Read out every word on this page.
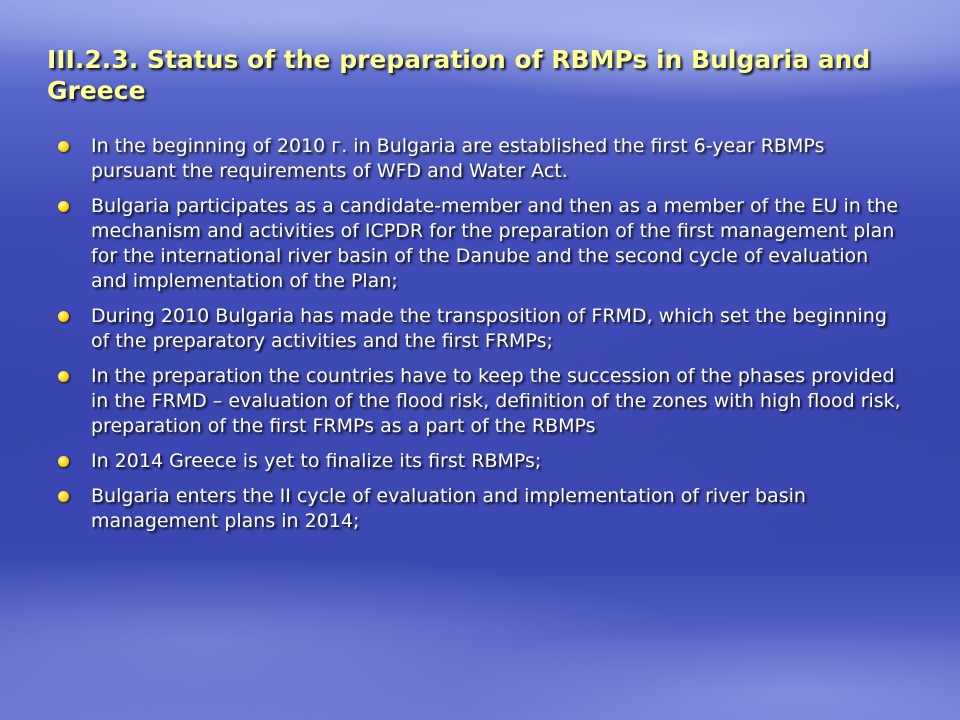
III.2.3. Status of the preparation of RBMPs in Bulgaria and Greece
In the beginning of 2010 г. in Bulgaria are established the first 6-year RBMPs pursuant the requirements of WFD and Water Act.
Bulgaria participates as a candidate-member and then as a member of the EU in the mechanism and activities of ICPDR for the preparation of the first management plan for the international river basin of the Danube and the second cycle of evaluation and implementation of the Plan;
During 2010 Bulgaria has made the transposition of FRMD, which set the beginning of the preparatory activities and the first FRMPs;
In the preparation the countries have to keep the succession of the phases provided in the FRMD – evaluation of the flood risk, definition of the zones with high flood risk, preparation of the first FRMPs as a part of the RBMPs
In 2014 Greece is yet to finalize its first RBMPs;
Bulgaria enters the II cycle of evaluation and implementation of river basin management plans in 2014;
